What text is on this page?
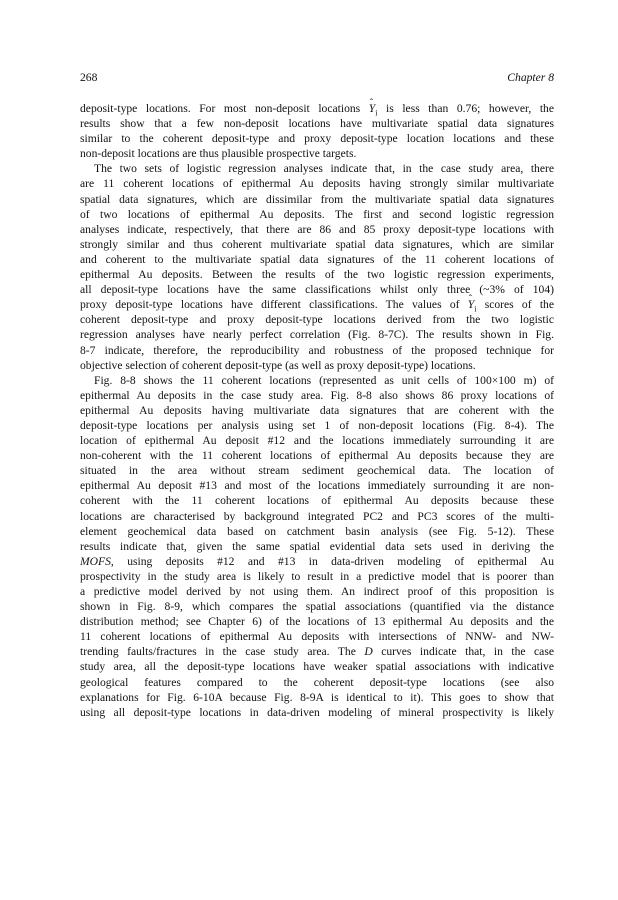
268	Chapter 8
deposit-type locations. For most non-deposit locations ˆ $Y_i$ is less than 0.76; however, the
results show that a few non-deposit locations have multivariate spatial data signatures
similar to the coherent deposit-type and proxy deposit-type location locations and these
non-deposit locations are thus plausible prospective targets.
The two sets of logistic regression analyses indicate that, in the case study area, there
are 11 coherent locations of epithermal Au deposits having strongly similar multivariate
spatial data signatures, which are dissimilar from the multivariate spatial data signatures
of two locations of epithermal Au deposits. The first and second logistic regression
analyses indicate, respectively, that there are 86 and 85 proxy deposit-type locations with
strongly similar and thus coherent multivariate spatial data signatures, which are similar
and coherent to the multivariate spatial data signatures of the 11 coherent locations of
epithermal Au deposits. Between the results of the two logistic regression experiments,
all deposit-type locations have the same classifications whilst only three (~3% of 104)
proxy deposit-type locations have different classifications. The values of ˆ $Y_i$ scores of the
coherent deposit-type and proxy deposit-type locations derived from the two logistic
regression analyses have nearly perfect correlation (Fig. 8-7C). The results shown in Fig.
8-7 indicate, therefore, the reproducibility and robustness of the proposed technique for
objective selection of coherent deposit-type (as well as proxy deposit-type) locations.
Fig. 8-8 shows the 11 coherent locations (represented as unit cells of 100×100 m) of
epithermal Au deposits in the case study area. Fig. 8-8 also shows 86 proxy locations of
epithermal Au deposits having multivariate data signatures that are coherent with the
deposit-type locations per analysis using set 1 of non-deposit locations (Fig. 8-4). The
location of epithermal Au deposit #12 and the locations immediately surrounding it are
non-coherent with the 11 coherent locations of epithermal Au deposits because they are
situated in the area without stream sediment geochemical data. The location of
epithermal Au deposit #13 and most of the locations immediately surrounding it are non-
coherent with the 11 coherent locations of epithermal Au deposits because these
locations are characterised by background integrated PC2 and PC3 scores of the multi-
element geochemical data based on catchment basin analysis (see Fig. 5-12). These
results indicate that, given the same spatial evidential data sets used in deriving the
MOFS, using deposits #12 and #13 in data-driven modeling of epithermal Au
prospectivity in the study area is likely to result in a predictive model that is poorer than
a predictive model derived by not using them. An indirect proof of this proposition is
shown in Fig. 8-9, which compares the spatial associations (quantified via the distance
distribution method; see Chapter 6) of the locations of 13 epithermal Au deposits and the
11 coherent locations of epithermal Au deposits with intersections of NNW- and NW-
trending faults/fractures in the case study area. The D curves indicate that, in the case
study area, all the deposit-type locations have weaker spatial associations with indicative
geological features compared to the coherent deposit-type locations (see also
explanations for Fig. 6-10A because Fig. 8-9A is identical to it). This goes to show that
using all deposit-type locations in data-driven modeling of mineral prospectivity is likely
